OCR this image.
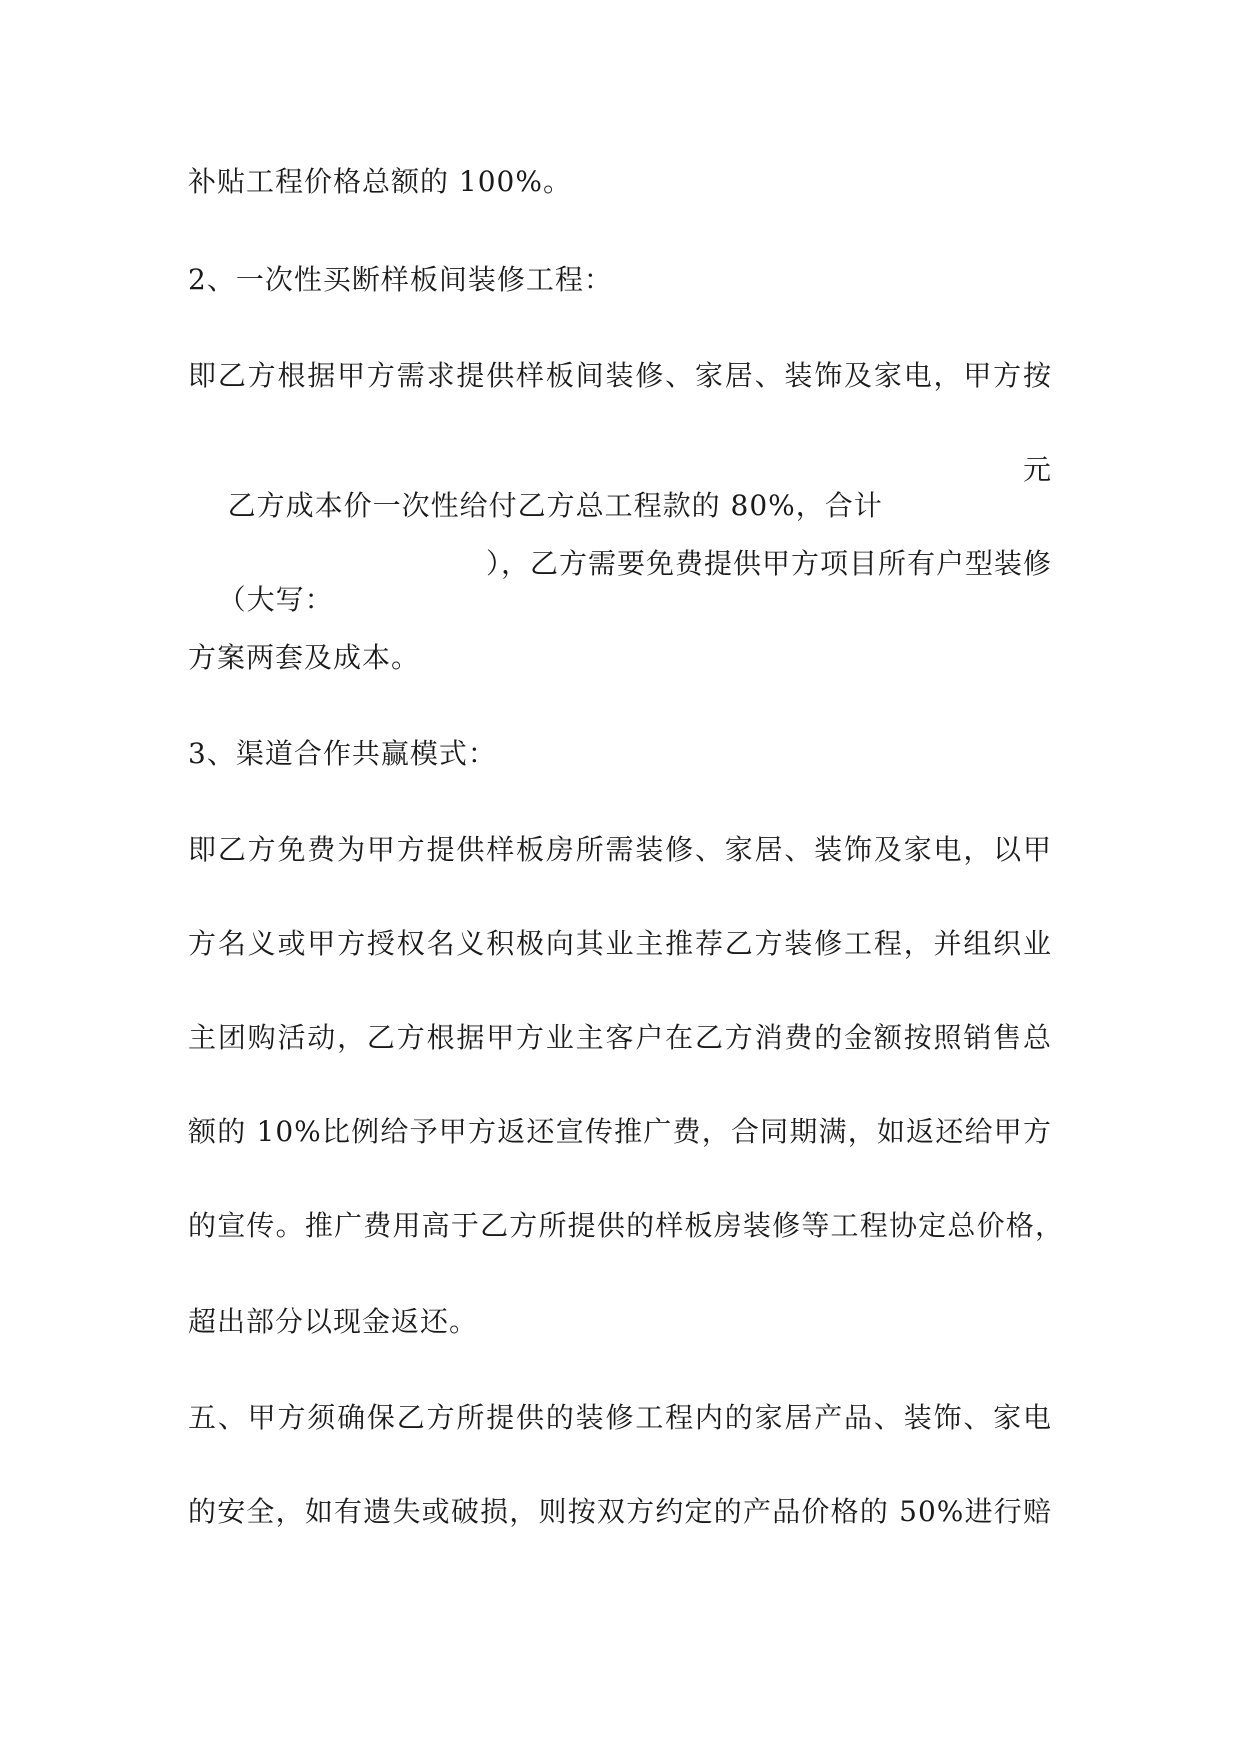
补贴工程价格总额的 100%。
2、一次性买断样板间装修工程：
即乙方根据甲方需求提供样板间装修、家居、装饰及家电，甲方按

乙方成本价一次性给付乙方总工程款的 80%，合计

元

（大写：

），乙方需要免费提供甲方项目所有户型装修

方案两套及成本。
3、渠道合作共赢模式：
即乙方免费为甲方提供样板房所需装修、家居、装饰及家电，以甲
方名义或甲方授权名义积极向其业主推荐乙方装修工程，并组织业
主团购活动，乙方根据甲方业主客户在乙方消费的金额按照销售总
额的 10%比例给予甲方返还宣传推广费，合同期满，如返还给甲方
的宣传。推广费用高于乙方所提供的样板房装修等工程协定总价格，
超出部分以现金返还。
五、甲方须确保乙方所提供的装修工程内的家居产品、装饰、家电
的安全，如有遗失或破损，则按双方约定的产品价格的 50%进行赔
